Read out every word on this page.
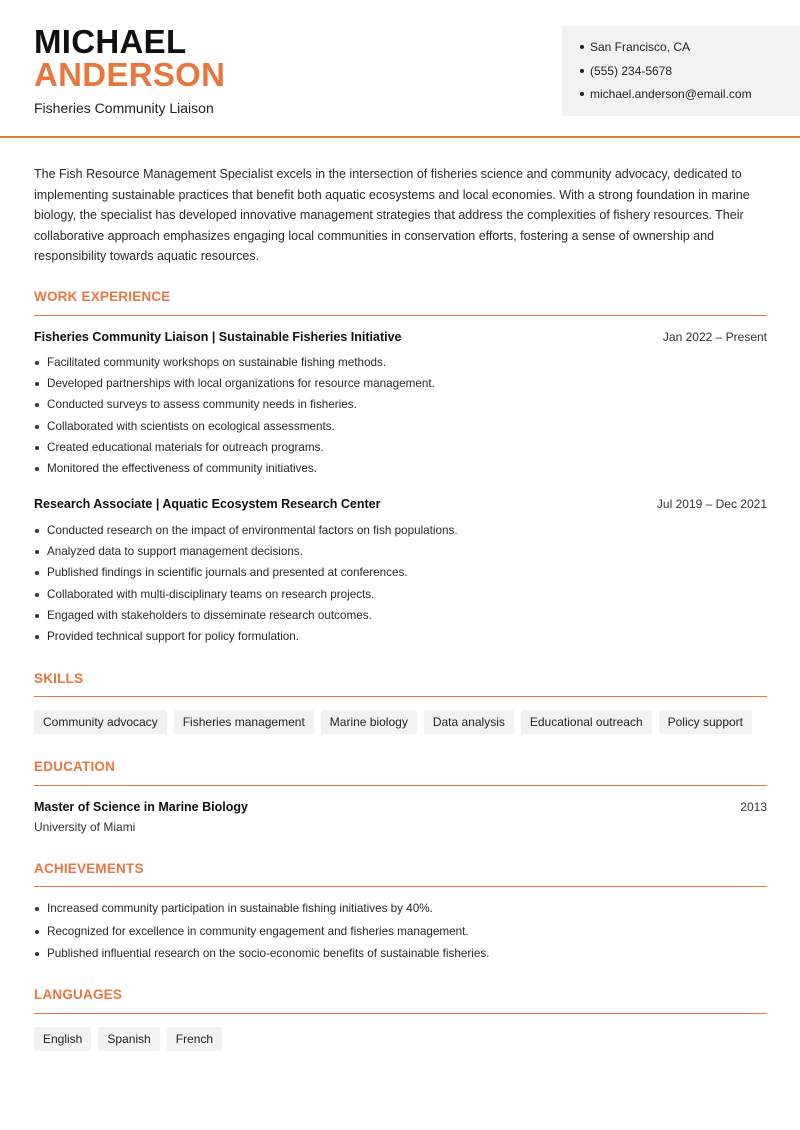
MICHAEL
ANDERSON
Fisheries Community Liaison
San Francisco, CA
(555) 234-5678
michael.anderson@email.com
The Fish Resource Management Specialist excels in the intersection of fisheries science and community advocacy, dedicated to implementing sustainable practices that benefit both aquatic ecosystems and local economies. With a strong foundation in marine biology, the specialist has developed innovative management strategies that address the complexities of fishery resources. Their collaborative approach emphasizes engaging local communities in conservation efforts, fostering a sense of ownership and responsibility towards aquatic resources.
WORK EXPERIENCE
Fisheries Community Liaison | Sustainable Fisheries Initiative	Jan 2022 – Present
Facilitated community workshops on sustainable fishing methods.
Developed partnerships with local organizations for resource management.
Conducted surveys to assess community needs in fisheries.
Collaborated with scientists on ecological assessments.
Created educational materials for outreach programs.
Monitored the effectiveness of community initiatives.
Research Associate | Aquatic Ecosystem Research Center	Jul 2019 – Dec 2021
Conducted research on the impact of environmental factors on fish populations.
Analyzed data to support management decisions.
Published findings in scientific journals and presented at conferences.
Collaborated with multi-disciplinary teams on research projects.
Engaged with stakeholders to disseminate research outcomes.
Provided technical support for policy formulation.
SKILLS
Community advocacy	Fisheries management	Marine biology	Data analysis	Educational outreach	Policy support
EDUCATION
Master of Science in Marine Biology	2013
University of Miami
ACHIEVEMENTS
Increased community participation in sustainable fishing initiatives by 40%.
Recognized for excellence in community engagement and fisheries management.
Published influential research on the socio-economic benefits of sustainable fisheries.
LANGUAGES
English	Spanish	French
